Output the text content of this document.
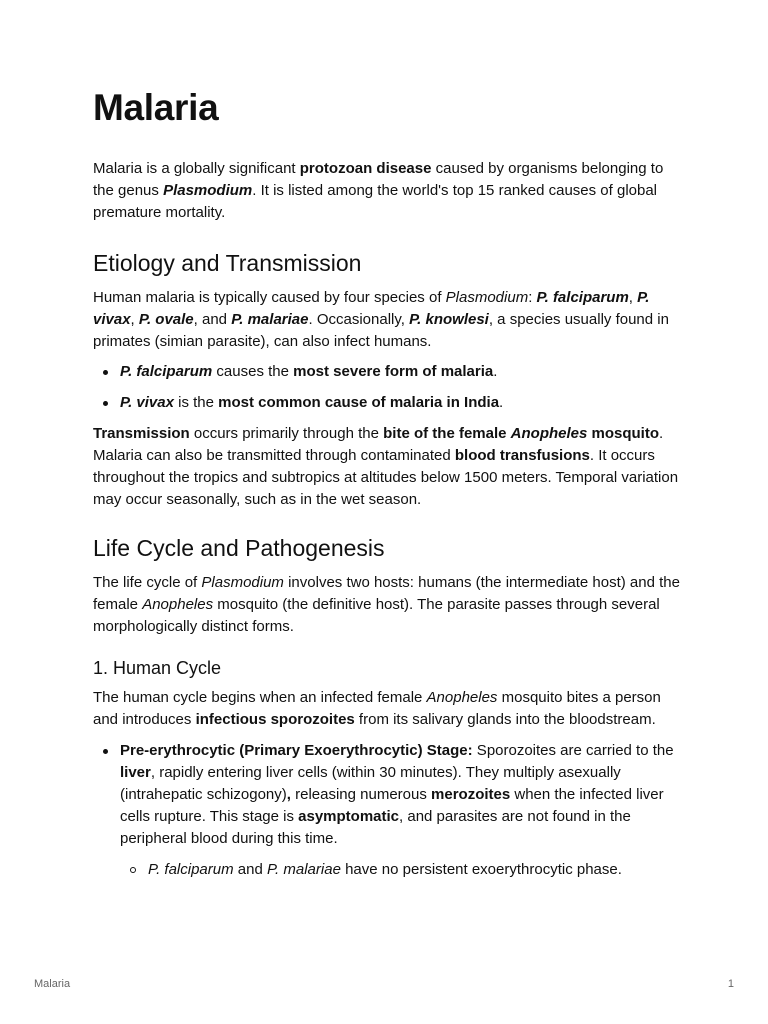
Malaria

Malaria is a globally significant protozoan disease caused by organisms belonging to the genus Plasmodium. It is listed among the world's top 15 ranked causes of global premature mortality.

Etiology and Transmission

Human malaria is typically caused by four species of Plasmodium: P. falciparum, P. vivax, P. ovale, and P. malariae. Occasionally, P. knowlesi, a species usually found in primates (simian parasite), can also infect humans.

P. falciparum causes the most severe form of malaria.
P. vivax is the most common cause of malaria in India.

Transmission occurs primarily through the bite of the female Anopheles mosquito. Malaria can also be transmitted through contaminated blood transfusions. It occurs throughout the tropics and subtropics at altitudes below 1500 meters. Temporal variation may occur seasonally, such as in the wet season.

Life Cycle and Pathogenesis

The life cycle of Plasmodium involves two hosts: humans (the intermediate host) and the female Anopheles mosquito (the definitive host). The parasite passes through several morphologically distinct forms.

1. Human Cycle

The human cycle begins when an infected female Anopheles mosquito bites a person and introduces infectious sporozoites from its salivary glands into the bloodstream.

Pre-erythrocytic (Primary Exoerythrocytic) Stage: Sporozoites are carried to the liver, rapidly entering liver cells (within 30 minutes). They multiply asexually (intrahepatic schizogony), releasing numerous merozoites when the infected liver cells rupture. This stage is asymptomatic, and parasites are not found in the peripheral blood during this time.
P. falciparum and P. malariae have no persistent exoerythrocytic phase.
Malaria	1
